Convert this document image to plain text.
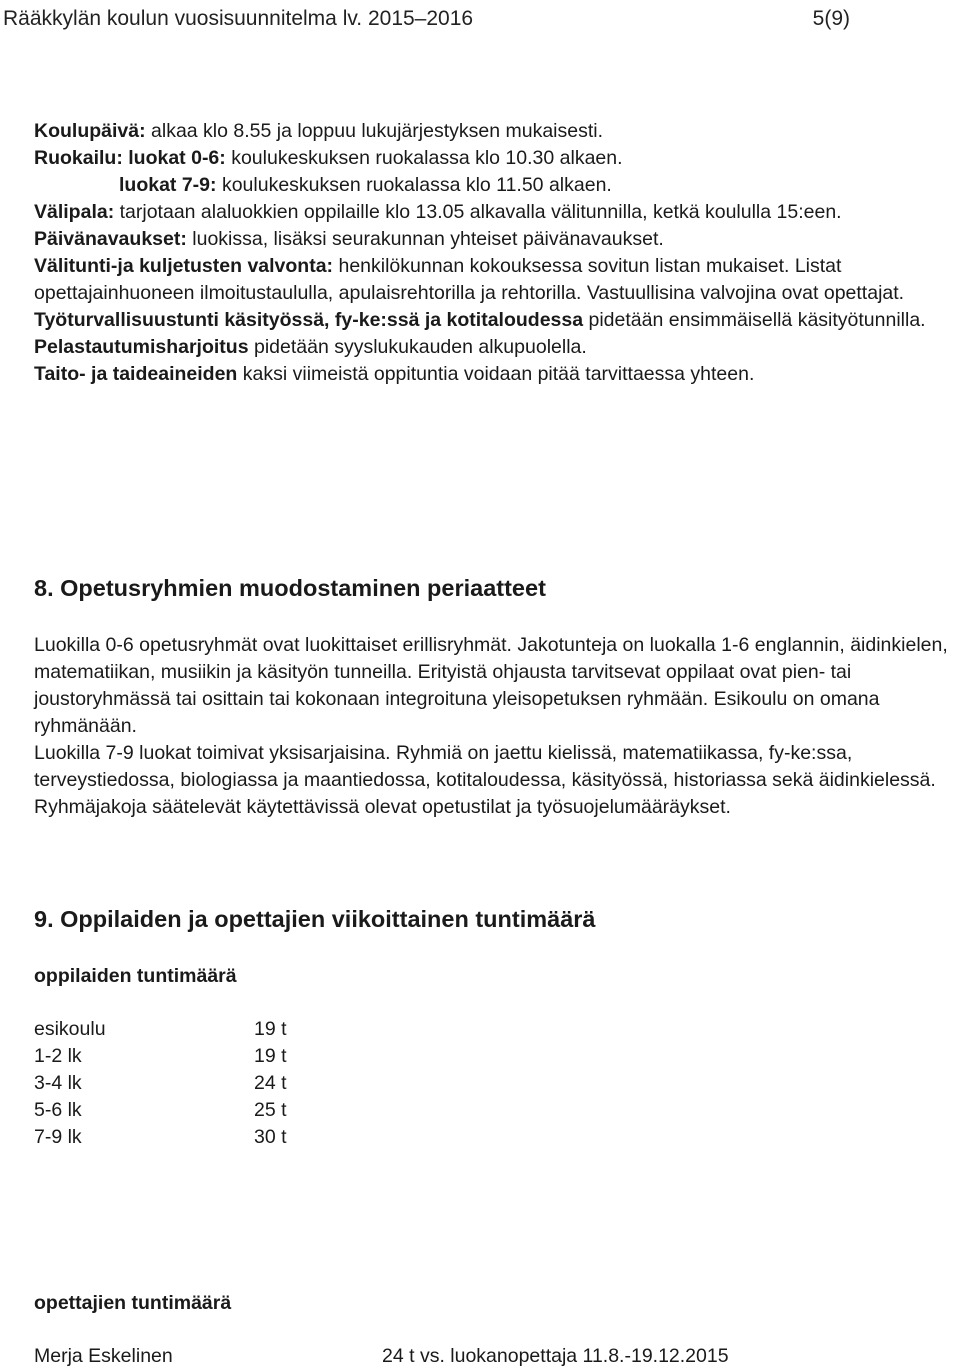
Rääkkylän koulun vuosisuunnitelma lv. 2015–2016	5(9)

Koulupäivä: alkaa klo 8.55 ja loppuu lukujärjestyksen mukaisesti.

Ruokailu: luokat 0-6: koulukeskuksen ruokalassa klo 10.30 alkaen.

luokat 7-9: koulukeskuksen ruokalassa klo 11.50 alkaen.

Välipala: tarjotaan alaluokkien oppilaille klo 13.05 alkavalla välitunnilla, ketkä koululla 15:een.

Päivänavaukset: luokissa, lisäksi seurakunnan yhteiset päivänavaukset.

Välitunti-ja kuljetusten valvonta: henkilökunnan kokouksessa sovitun listan mukaiset. Listat opettajainhuoneen ilmoitustaululla, apulaisrehtorilla ja rehtorilla. Vastuullisina valvojina ovat opettajat.

Työturvallisuustunti käsityössä, fy-ke:ssä ja kotitaloudessa pidetään ensimmäisellä käsityötunnilla.

Pelastautumisharjoitus pidetään syyslukukauden alkupuolella.

Taito- ja taideaineiden kaksi viimeistä oppituntia voidaan pitää tarvittaessa yhteen.

8. Opetusryhmien muodostaminen periaatteet

Luokilla 0-6 opetusryhmät ovat luokittaiset erillisryhmät. Jakotunteja on luokalla 1-6 englannin, äidinkielen, matematiikan, musiikin ja käsityön tunneilla. Erityistä ohjausta tarvitsevat oppilaat ovat pien- tai joustoryhmässä tai osittain tai kokonaan integroituna yleisopetuksen ryhmään. Esikoulu on omana ryhmänään.

Luokilla 7-9 luokat toimivat yksisarjaisina. Ryhmiä on jaettu kielissä, matematiikassa, fy-ke:ssa, terveystiedossa, biologiassa ja maantiedossa, kotitaloudessa, käsityössä, historiassa sekä äidinkielessä. Ryhmäjakoja säätelevät käytettävissä olevat opetustilat ja työsuojelumääräykset.

9. Oppilaiden ja opettajien viikoittainen tuntimäärä

oppilaiden tuntimäärä

esikoulu	19 t
1-2 lk	19 t
3-4 lk	24 t
5-6 lk	25 t
7-9 lk	30 t

opettajien tuntimäärä

Merja Eskelinen	24 t vs. luokanopettaja 11.8.-19.12.2015
